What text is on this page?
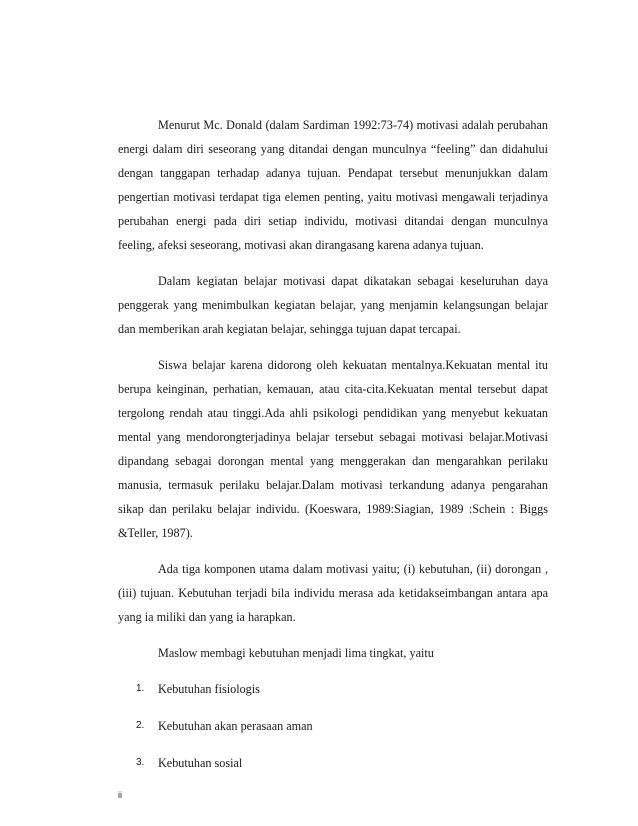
Menurut Mc. Donald (dalam Sardiman 1992:73-74) motivasi adalah perubahan energi dalam diri seseorang yang ditandai dengan munculnya “feeling” dan didahului dengan tanggapan terhadap adanya tujuan. Pendapat tersebut menunjukkan dalam pengertian motivasi terdapat tiga elemen penting, yaitu motivasi mengawali terjadinya perubahan energi pada diri setiap individu, motivasi ditandai dengan munculnya feeling, afeksi seseorang, motivasi akan dirangasang karena adanya tujuan.

Dalam kegiatan belajar motivasi dapat dikatakan sebagai keseluruhan daya penggerak yang menimbulkan kegiatan belajar, yang menjamin kelangsungan belajar dan memberikan arah kegiatan belajar, sehingga tujuan dapat tercapai.

Siswa belajar karena didorong oleh kekuatan mentalnya.Kekuatan mental itu berupa keinginan, perhatian, kemauan, atau cita-cita.Kekuatan mental tersebut dapat tergolong rendah atau tinggi.Ada ahli psikologi pendidikan yang menyebut kekuatan mental yang mendorongterjadinya belajar tersebut sebagai motivasi belajar.Motivasi dipandang sebagai dorongan mental yang menggerakan dan mengarahkan perilaku manusia, termasuk perilaku belajar.Dalam motivasi terkandung adanya pengarahan sikap dan perilaku belajar individu. (Koeswara, 1989:Siagian, 1989 :Schein : Biggs &Teller, 1987).

Ada tiga komponen utama dalam motivasi yaitu; (i) kebutuhan, (ii) dorongan , (iii) tujuan. Kebutuhan terjadi bila individu merasa ada ketidakseimbangan antara apa yang ia miliki dan yang ia harapkan.

Maslow membagi kebutuhan menjadi lima tingkat, yaitu

1. Kebutuhan fisiologis
2. Kebutuhan akan perasaan aman
3. Kebutuhan sosial
ii
